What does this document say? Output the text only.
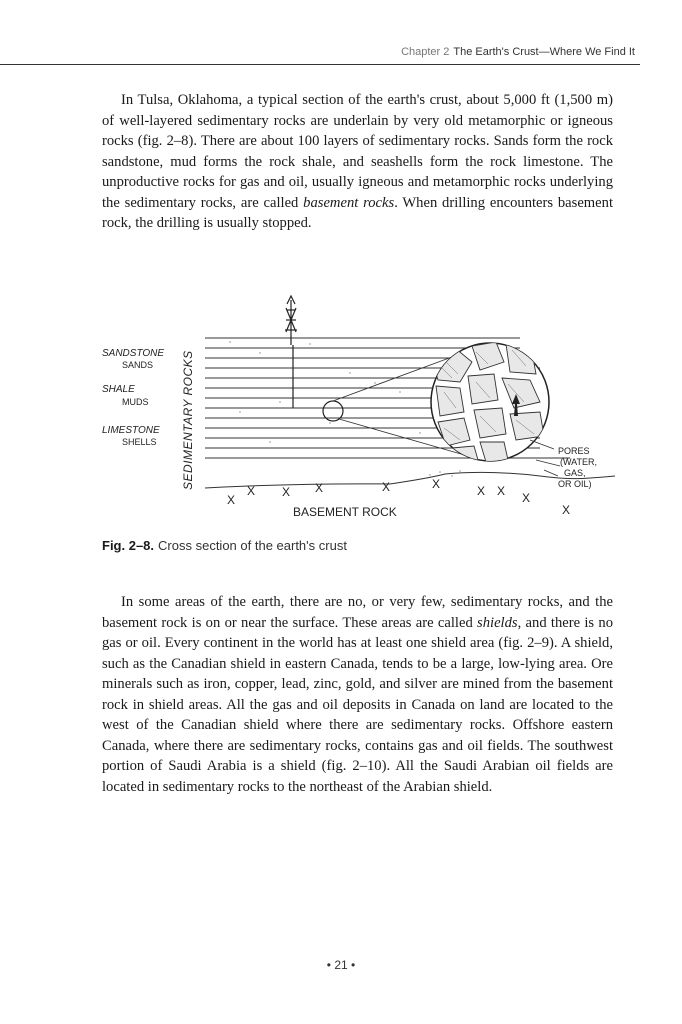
Chapter 2 The Earth's Crust—Where We Find It

In Tulsa, Oklahoma, a typical section of the earth's crust, about 5,000 ft (1,500 m) of well-layered sedimentary rocks are underlain by very old metamorphic or igneous rocks (fig. 2–8). There are about 100 layers of sedimentary rocks. Sands form the rock sandstone, mud forms the rock shale, and seashells form the rock limestone. The unproductive rocks for gas and oil, usually igneous and metamorphic rocks underlying the sedimentary rocks, are called basement rocks. When drilling encounters basement rock, the drilling is usually stopped.

SANDSTONE
SANDS
SHALE
MUDS
LIMESTONE
SHELLS SEDIMENTARY ROCKS	PORES
(WATER,
GAS,
OR OIL)
X
X X X	X	X	X X X
X
BASEMENT ROCK
Fig. 2–8. Cross section of the earth's crust

In some areas of the earth, there are no, or very few, sedimentary rocks, and the basement rock is on or near the surface. These areas are called shields, and there is no gas or oil. Every continent in the world has at least one shield area (fig. 2–9). A shield, such as the Canadian shield in eastern Canada, tends to be a large, low-lying area. Ore minerals such as iron, copper, lead, zinc, gold, and silver are mined from the basement rock in shield areas. All the gas and oil deposits in Canada on land are located to the west of the Canadian shield where there are sedimentary rocks. Offshore eastern Canada, where there are sedimentary rocks, contains gas and oil fields. The southwest portion of Saudi Arabia is a shield (fig. 2–10). All the Saudi Arabian oil fields are located in sedimentary rocks to the northeast of the Arabian shield.

• 21 •
